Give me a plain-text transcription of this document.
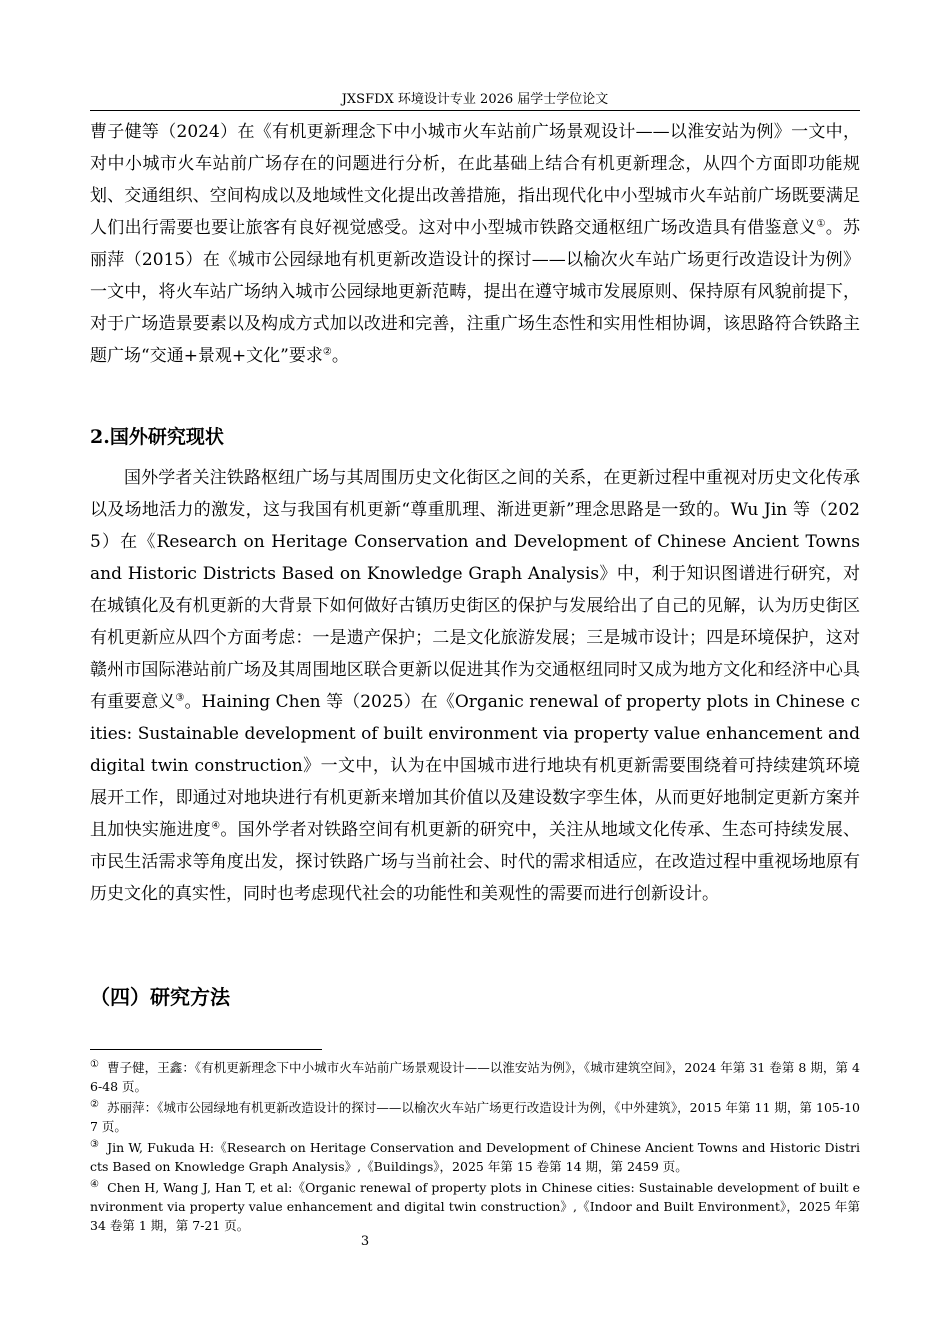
JXSFDX 环境设计专业 2026 届学士学位论文

曹子健等（2024）在《有机更新理念下中小城市火车站前广场景观设计——以淮安站为例》一文中，对中小城市火车站前广场存在的问题进行分析，在此基础上结合有机更新理念，从四个方面即功能规划、交通组织、空间构成以及地域性文化提出改善措施，指出现代化中小型城市火车站前广场既要满足人们出行需要也要让旅客有良好视觉感受。这对中小型城市铁路交通枢纽广场改造具有借鉴意义①。苏丽萍（2015）在《城市公园绿地有机更新改造设计的探讨——以榆次火车站广场更行改造设计为例》一文中，将火车站广场纳入城市公园绿地更新范畴，提出在遵守城市发展原则、保持原有风貌前提下，对于广场造景要素以及构成方式加以改进和完善，注重广场生态性和实用性相协调，该思路符合铁路主题广场“交通+景观+文化”要求②。

2.国外研究现状

国外学者关注铁路枢纽广场与其周围历史文化街区之间的关系，在更新过程中重视对历史文化传承以及场地活力的激发，这与我国有机更新“尊重肌理、渐进更新”理念思路是一致的。Wu Jin 等（2025）在《Research on Heritage Conservation and Development of Chinese Ancient Towns and Historic Districts Based on Knowledge Graph Analysis》中，利于知识图谱进行研究，对在城镇化及有机更新的大背景下如何做好古镇历史街区的保护与发展给出了自己的见解，认为历史街区有机更新应从四个方面考虑：一是遗产保护；二是文化旅游发展；三是城市设计；四是环境保护，这对赣州市国际港站前广场及其周围地区联合更新以促进其作为交通枢纽同时又成为地方文化和经济中心具有重要意义③。Haining Chen 等（2025）在《Organic renewal of property plots in Chinese cities: Sustainable development of built environment via property value enhancement and digital twin construction》一文中，认为在中国城市进行地块有机更新需要围绕着可持续建筑环境展开工作，即通过对地块进行有机更新来增加其价值以及建设数字孪生体，从而更好地制定更新方案并且加快实施进度④。国外学者对铁路空间有机更新的研究中，关注从地域文化传承、生态可持续发展、市民生活需求等角度出发，探讨铁路广场与当前社会、时代的需求相适应，在改造过程中重视场地原有历史文化的真实性，同时也考虑现代社会的功能性和美观性的需要而进行创新设计。

（四）研究方法

① 曹子健，王鑫：《有机更新理念下中小城市火车站前广场景观设计——以淮安站为例》，《城市建筑空间》，2024 年第 31 卷第 8 期，第 46-48 页。

② 苏丽萍：《城市公园绿地有机更新改造设计的探讨——以榆次火车站广场更行改造设计为例，《中外建筑》，2015 年第 11 期，第 105-107 页。

③ Jin W, Fukuda H:《Research on Heritage Conservation and Development of Chinese Ancient Towns and Historic Districts Based on Knowledge Graph Analysis》,《Buildings》，2025 年第 15 卷第 14 期，第 2459 页。

④ Chen H, Wang J, Han T, et al:《Organic renewal of property plots in Chinese cities: Sustainable development of built environment via property value enhancement and digital twin construction》,《Indoor and Built Environment》，2025 年第 34 卷第 1 期，第 7-21 页。

3
